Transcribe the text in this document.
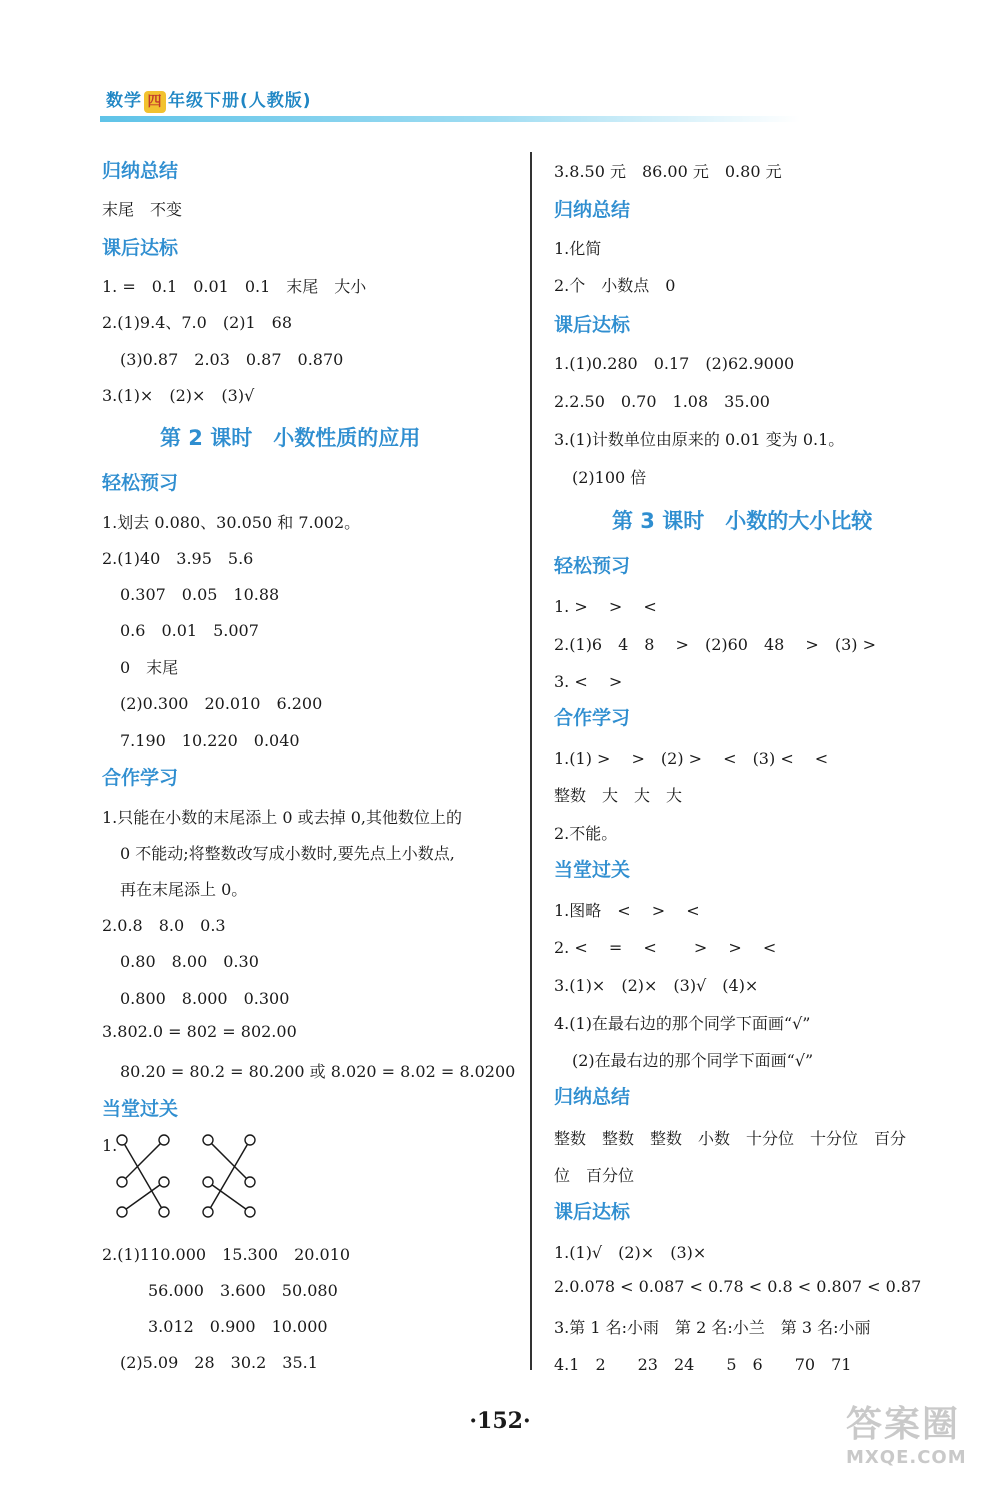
数学 四 年级下册(人教版)
归纳总结
末尾　不变
课后达标
1. =　0.1　0.01　0.1　末尾　大小
2.(1)9.4、7.0　(2)1　68
(3)0.87　2.03　0.87　0.870
3.(1)×　(2)×　(3)√
第 2 课时　小数性质的应用
轻松预习
1.划去 0.080、30.050 和 7.002。
2.(1)40　3.95　5.6
0.307　0.05　10.88
0.6　0.01　5.007
0　末尾
(2)0.300　20.010　6.200
7.190　10.220　0.040
合作学习
1.只能在小数的末尾添上 0 或去掉 0,其他数位上的
0 不能动;将整数改写成小数时,要先点上小数点,
再在末尾添上 0。
2.0.8　8.0　0.3
0.80　8.00　0.30
0.800　8.000　0.300
3.802.0 = 802 = 802.00
80.20 = 80.2 = 80.200 或 8.020 = 8.02 = 8.0200
当堂过关
1.
2.(1)110.000　15.300　20.010
56.000　3.600　50.080
3.012　0.900　10.000
(2)5.09　28　30.2　35.1
3.8.50 元　86.00 元　0.80 元
归纳总结
1.化简
2.个　小数点　0
课后达标
1.(1)0.280　0.17　(2)62.9000
2.2.50　0.70　1.08　35.00
3.(1)计数单位由原来的 0.01 变为 0.1。
(2)100 倍
第 3 课时　小数的大小比较
轻松预习
1. >　 >　 <
2.(1)6　4　8　 >　(2)60　48　 >　(3) >
3. <　 >
合作学习
1.(1) >　 >　(2) >　 <　(3) <　 <
整数　大　大　大
2.不能。
当堂过关
1.图略　<　 >　 <
2. <　 =　 <　　 >　 >　 <
3.(1)×　(2)×　(3)√　(4)×
4.(1)在最右边的那个同学下面画“√”
(2)在最右边的那个同学下面画“√”
归纳总结
整数　整数　整数　小数　十分位　十分位　百分
位　百分位
课后达标
1.(1)√　(2)×　(3)×
2.0.078 < 0.087 < 0.78 < 0.8 < 0.807 < 0.87
3.第 1 名:小雨　第 2 名:小兰　第 3 名:小丽
4.1　2　　23　24　　5　6　　70　71
·152·	答案圈
MXQE.COM
